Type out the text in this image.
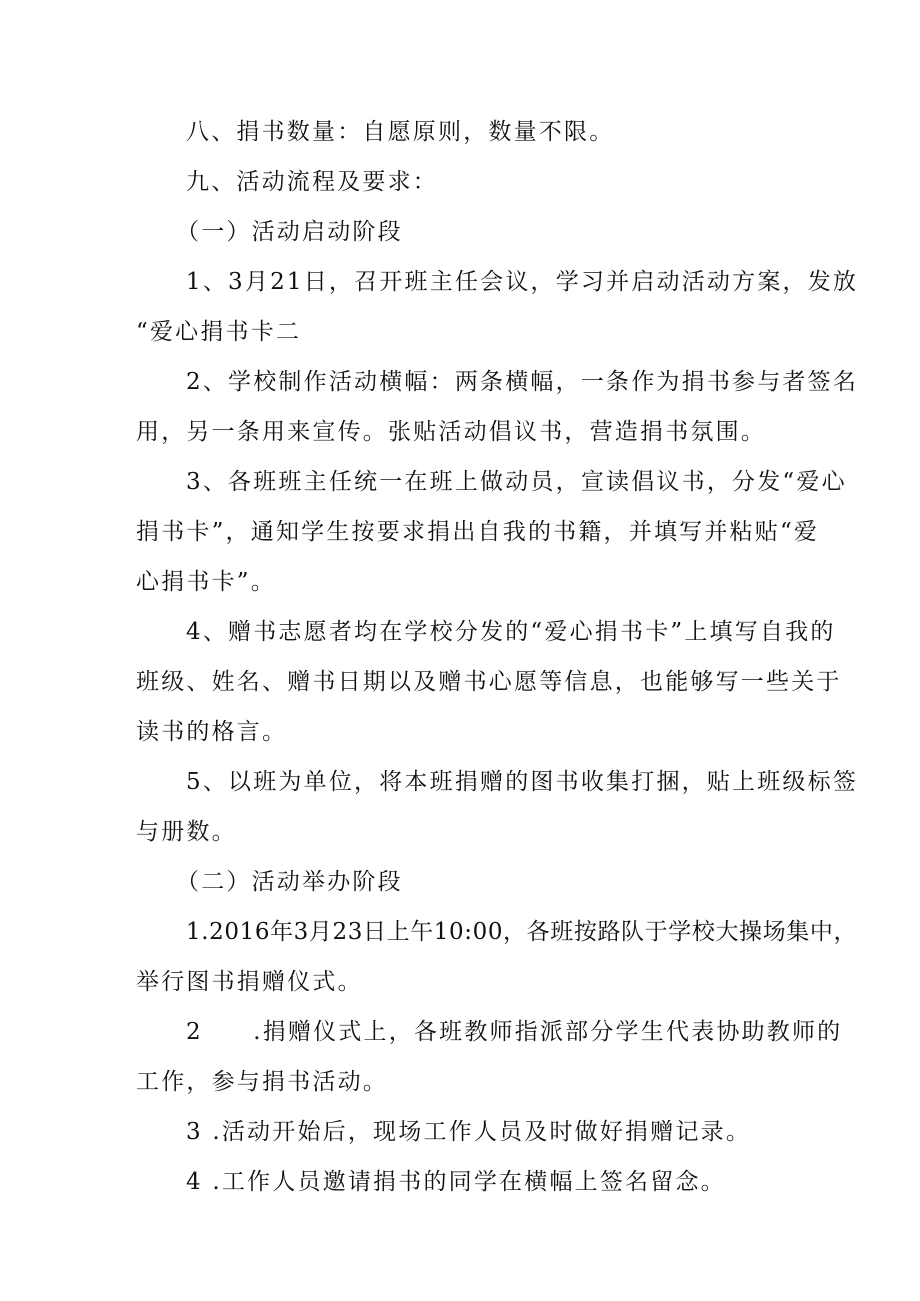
八、捐书数量：自愿原则，数量不限。

九、活动流程及要求：

（一）活动启动阶段

1、3月21日，召开班主任会议，学习并启动活动方案，发放

“爱心捐书卡二

2、学校制作活动横幅：两条横幅，一条作为捐书参与者签名

用，另一条用来宣传。张贴活动倡议书，营造捐书氛围。

3、各班班主任统一在班上做动员，宣读倡议书，分发“爱心

捐书卡”，通知学生按要求捐出自我的书籍，并填写并粘贴“爱

心捐书卡”。

4、赠书志愿者均在学校分发的“爱心捐书卡”上填写自我的

班级、姓名、赠书日期以及赠书心愿等信息，也能够写一些关于

读书的格言。

5、以班为单位，将本班捐赠的图书收集打捆，贴上班级标签

与册数。

（二）活动举办阶段

1.2016年3月23日上午10:00，各班按路队于学校大操场集中，

举行图书捐赠仪式。

2　　.捐赠仪式上，各班教师指派部分学生代表协助教师的

工作，参与捐书活动。

3 .活动开始后，现场工作人员及时做好捐赠记录。

4 .工作人员邀请捐书的同学在横幅上签名留念。
